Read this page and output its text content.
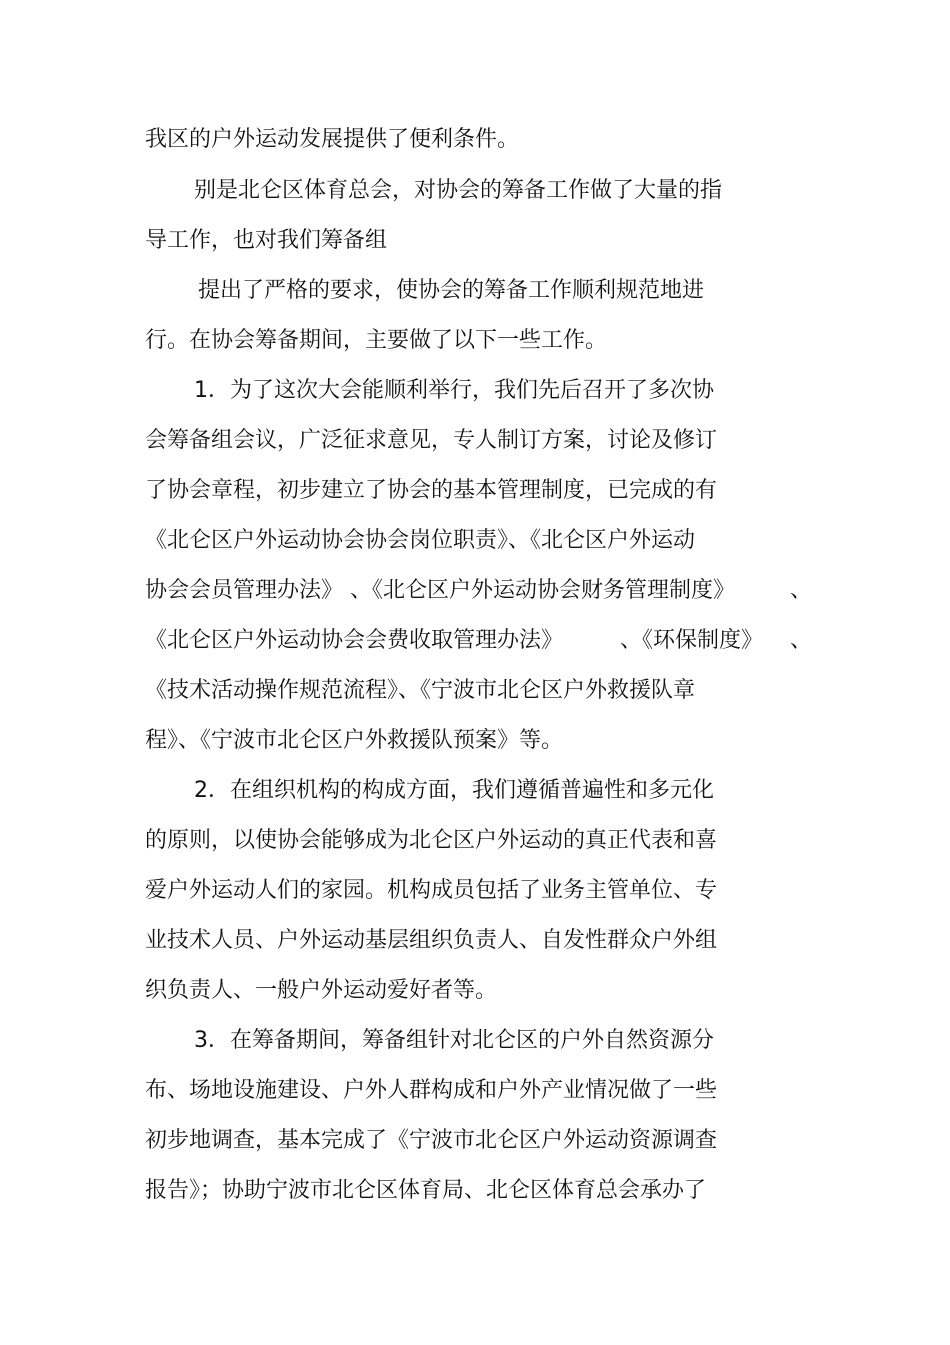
我区的户外运动发展提供了便利条件。
别是北仑区体育总会，对协会的筹备工作做了大量的指
导工作，也对我们筹备组
提出了严格的要求，使协会的筹备工作顺利规范地进
行。在协会筹备期间，主要做了以下一些工作。
1．为了这次大会能顺利举行，我们先后召开了多次协
会筹备组会议，广泛征求意见，专人制订方案，讨论及修订
了协会章程，初步建立了协会的基本管理制度，已完成的有
《北仑区户外运动协会协会岗位职责》、《北仑区户外运动
协会会员管理办法》 、《北仑区户外运动协会财务管理制度》	、
《北仑区户外运动协会会费收取管理办法》	、《环保制度》 、
《技术活动操作规范流程》、《宁波市北仑区户外救援队章
程》、《宁波市北仑区户外救援队预案》等。
2．在组织机构的构成方面，我们遵循普遍性和多元化
的原则，以使协会能够成为北仑区户外运动的真正代表和喜
爱户外运动人们的家园。机构成员包括了业务主管单位、专
业技术人员、户外运动基层组织负责人、自发性群众户外组
织负责人、一般户外运动爱好者等。
3．在筹备期间，筹备组针对北仑区的户外自然资源分
布、场地设施建设、户外人群构成和户外产业情况做了一些
初步地调查，基本完成了《宁波市北仑区户外运动资源调查
报告》；协助宁波市北仑区体育局、北仑区体育总会承办了
